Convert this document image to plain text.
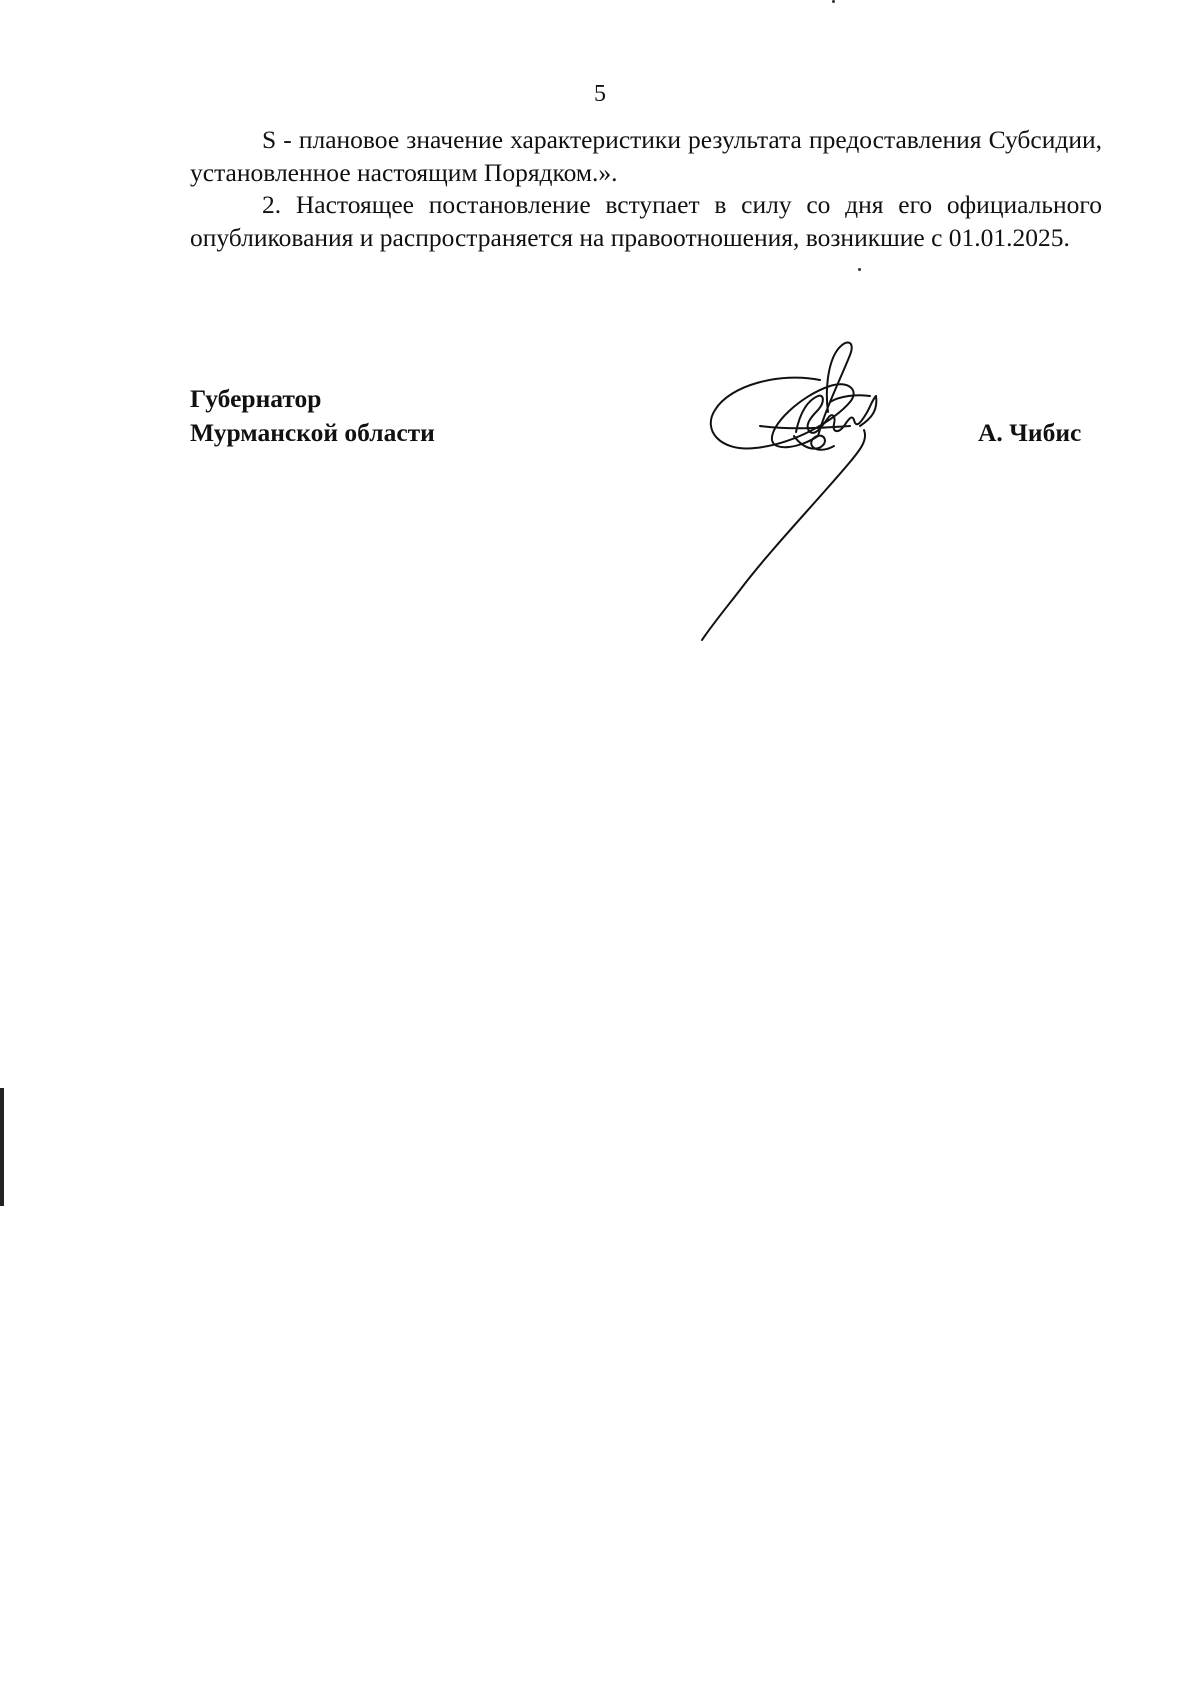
5

S - плановое значение характеристики результата предоставления Субсидии, установленное настоящим Порядком.».

2. Настоящее постановление вступает в силу со дня его официального опубликования и распространяется на правоотношения, возникшие с 01.01.2025.

Губернатор
Мурманской области	А. Чибис
